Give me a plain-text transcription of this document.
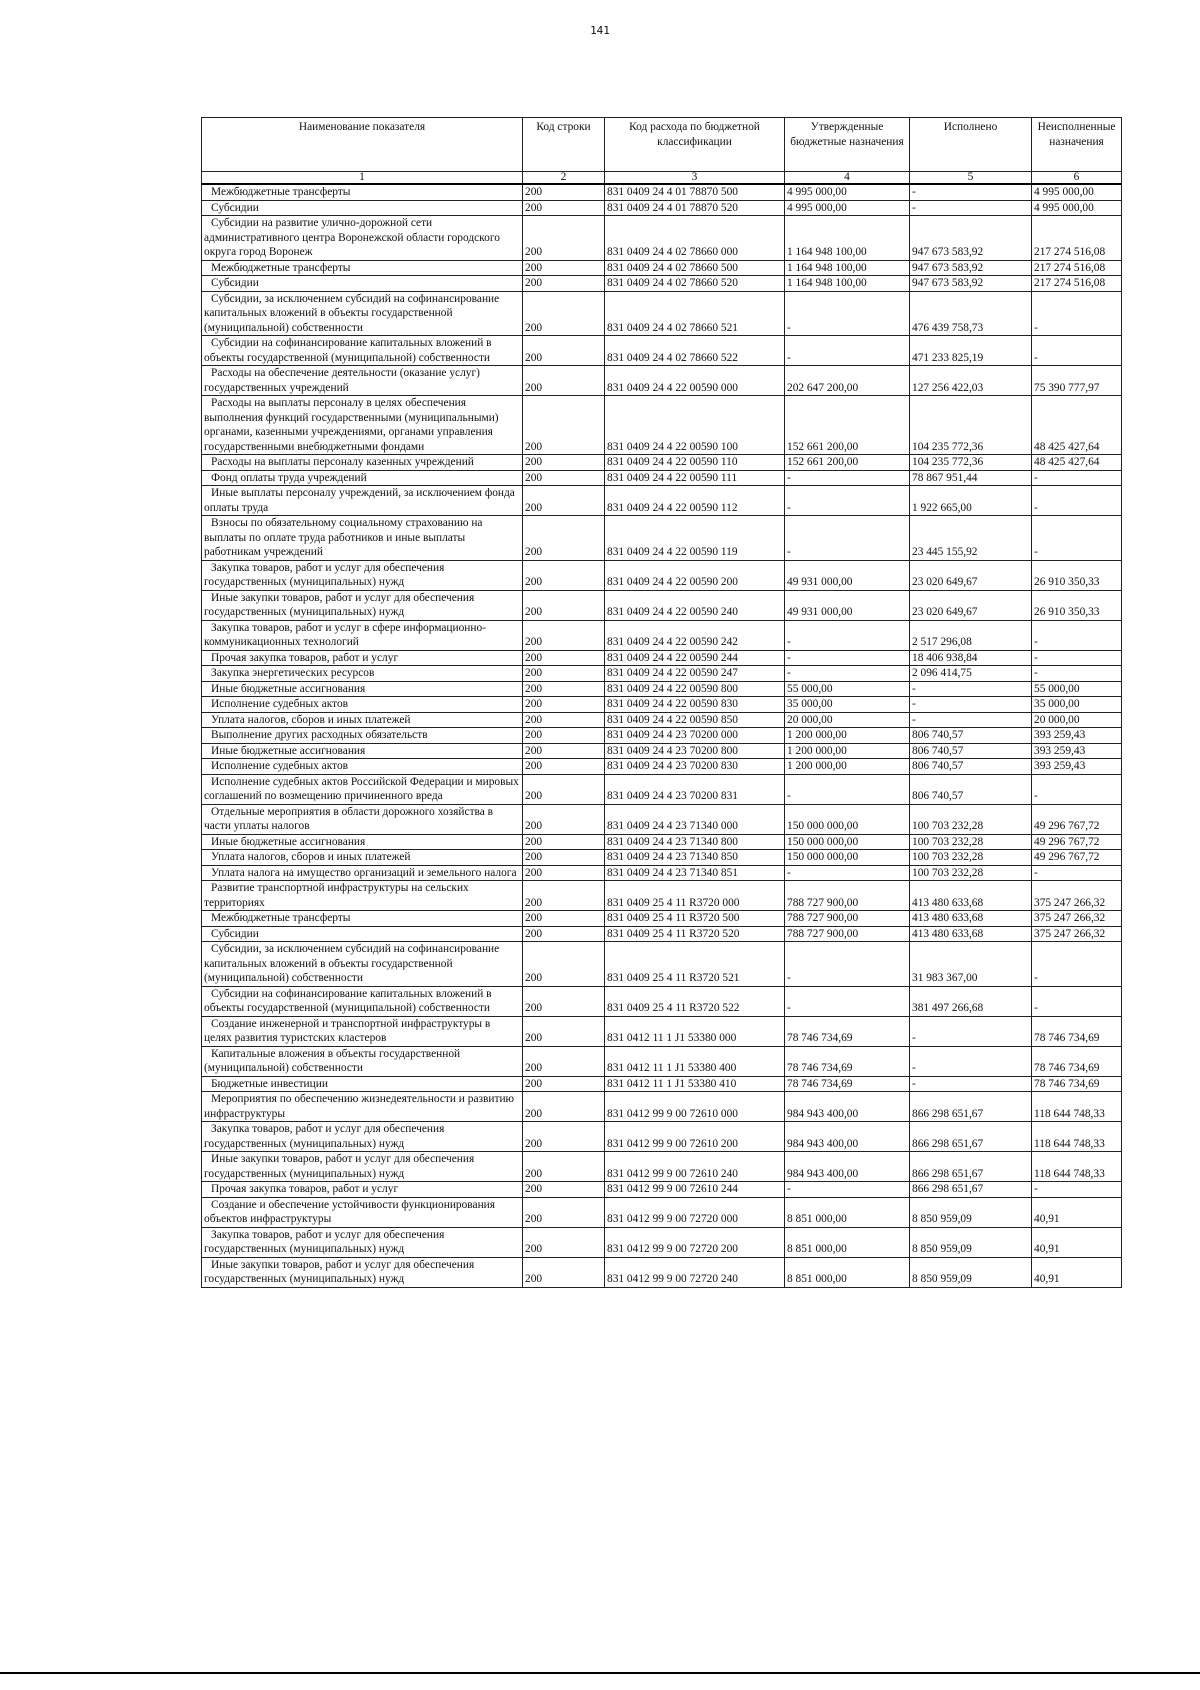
141
Наименование показателя	Код строки	Код расхода по бюджетной классификации	Утвержденные бюджетные назначения	Исполнено	Неисполненные назначения
1	2	3	4	5	6
Межбюджетные трансферты	200	831 0409 24 4 01 78870 500	4 995 000,00	-	4 995 000,00
Субсидии	200	831 0409 24 4 01 78870 520	4 995 000,00	-	4 995 000,00
Субсидии на развитие улично-дорожной сети административного центра Воронежской области городского округа город Воронеж	200	831 0409 24 4 02 78660 000	1 164 948 100,00	947 673 583,92	217 274 516,08
Межбюджетные трансферты	200	831 0409 24 4 02 78660 500	1 164 948 100,00	947 673 583,92	217 274 516,08
Субсидии	200	831 0409 24 4 02 78660 520	1 164 948 100,00	947 673 583,92	217 274 516,08
Субсидии, за исключением субсидий на софинансирование капитальных вложений в объекты государственной (муниципальной) собственности	200	831 0409 24 4 02 78660 521	-	476 439 758,73	-
Субсидии на софинансирование капитальных вложений в объекты государственной (муниципальной) собственности	200	831 0409 24 4 02 78660 522	-	471 233 825,19	-
Расходы на обеспечение деятельности (оказание услуг) государственных учреждений	200	831 0409 24 4 22 00590 000	202 647 200,00	127 256 422,03	75 390 777,97
Расходы на выплаты персоналу в целях обеспечения выполнения функций государственными (муниципальными) органами, казенными учреждениями, органами управления государственными внебюджетными фондами	200	831 0409 24 4 22 00590 100	152 661 200,00	104 235 772,36	48 425 427,64
Расходы на выплаты персоналу казенных учреждений	200	831 0409 24 4 22 00590 110	152 661 200,00	104 235 772,36	48 425 427,64
Фонд оплаты труда учреждений	200	831 0409 24 4 22 00590 111	-	78 867 951,44	-
Иные выплаты персоналу учреждений, за исключением фонда оплаты труда	200	831 0409 24 4 22 00590 112	-	1 922 665,00	-
Взносы по обязательному социальному страхованию на выплаты по оплате труда работников и иные выплаты работникам учреждений	200	831 0409 24 4 22 00590 119	-	23 445 155,92	-
Закупка товаров, работ и услуг для обеспечения государственных (муниципальных) нужд	200	831 0409 24 4 22 00590 200	49 931 000,00	23 020 649,67	26 910 350,33
Иные закупки товаров, работ и услуг для обеспечения государственных (муниципальных) нужд	200	831 0409 24 4 22 00590 240	49 931 000,00	23 020 649,67	26 910 350,33
Закупка товаров, работ и услуг в сфере информационно-коммуникационных технологий	200	831 0409 24 4 22 00590 242	-	2 517 296,08	-
Прочая закупка товаров, работ и услуг	200	831 0409 24 4 22 00590 244	-	18 406 938,84	-
Закупка энергетических ресурсов	200	831 0409 24 4 22 00590 247	-	2 096 414,75	-
Иные бюджетные ассигнования	200	831 0409 24 4 22 00590 800	55 000,00	-	55 000,00
Исполнение судебных актов	200	831 0409 24 4 22 00590 830	35 000,00	-	35 000,00
Уплата налогов, сборов и иных платежей	200	831 0409 24 4 22 00590 850	20 000,00	-	20 000,00
Выполнение других расходных обязательств	200	831 0409 24 4 23 70200 000	1 200 000,00	806 740,57	393 259,43
Иные бюджетные ассигнования	200	831 0409 24 4 23 70200 800	1 200 000,00	806 740,57	393 259,43
Исполнение судебных актов	200	831 0409 24 4 23 70200 830	1 200 000,00	806 740,57	393 259,43
Исполнение судебных актов Российской Федерации и мировых соглашений по возмещению причиненного вреда	200	831 0409 24 4 23 70200 831	-	806 740,57	-
Отдельные мероприятия в области дорожного хозяйства в части уплаты налогов	200	831 0409 24 4 23 71340 000	150 000 000,00	100 703 232,28	49 296 767,72
Иные бюджетные ассигнования	200	831 0409 24 4 23 71340 800	150 000 000,00	100 703 232,28	49 296 767,72
Уплата налогов, сборов и иных платежей	200	831 0409 24 4 23 71340 850	150 000 000,00	100 703 232,28	49 296 767,72
Уплата налога на имущество организаций и земельного налога	200	831 0409 24 4 23 71340 851	-	100 703 232,28	-
Развитие транспортной инфраструктуры на сельских территориях	200	831 0409 25 4 11 R3720 000	788 727 900,00	413 480 633,68	375 247 266,32
Межбюджетные трансферты	200	831 0409 25 4 11 R3720 500	788 727 900,00	413 480 633,68	375 247 266,32
Субсидии	200	831 0409 25 4 11 R3720 520	788 727 900,00	413 480 633,68	375 247 266,32
Субсидии, за исключением субсидий на софинансирование капитальных вложений в объекты государственной (муниципальной) собственности	200	831 0409 25 4 11 R3720 521	-	31 983 367,00	-
Субсидии на софинансирование капитальных вложений в объекты государственной (муниципальной) собственности	200	831 0409 25 4 11 R3720 522	-	381 497 266,68	-
Создание инженерной и транспортной инфраструктуры в целях развития туристских кластеров	200	831 0412 11 1 J1 53380 000	78 746 734,69	-	78 746 734,69
Капитальные вложения в объекты государственной (муниципальной) собственности	200	831 0412 11 1 J1 53380 400	78 746 734,69	-	78 746 734,69
Бюджетные инвестиции	200	831 0412 11 1 J1 53380 410	78 746 734,69	-	78 746 734,69
Мероприятия по обеспечению жизнедеятельности и развитию инфраструктуры	200	831 0412 99 9 00 72610 000	984 943 400,00	866 298 651,67	118 644 748,33
Закупка товаров, работ и услуг для обеспечения государственных (муниципальных) нужд	200	831 0412 99 9 00 72610 200	984 943 400,00	866 298 651,67	118 644 748,33
Иные закупки товаров, работ и услуг для обеспечения государственных (муниципальных) нужд	200	831 0412 99 9 00 72610 240	984 943 400,00	866 298 651,67	118 644 748,33
Прочая закупка товаров, работ и услуг	200	831 0412 99 9 00 72610 244	-	866 298 651,67	-
Создание и обеспечение устойчивости функционирования объектов инфраструктуры	200	831 0412 99 9 00 72720 000	8 851 000,00	8 850 959,09	40,91
Закупка товаров, работ и услуг для обеспечения государственных (муниципальных) нужд	200	831 0412 99 9 00 72720 200	8 851 000,00	8 850 959,09	40,91
Иные закупки товаров, работ и услуг для обеспечения государственных (муниципальных) нужд	200	831 0412 99 9 00 72720 240	8 851 000,00	8 850 959,09	40,91
